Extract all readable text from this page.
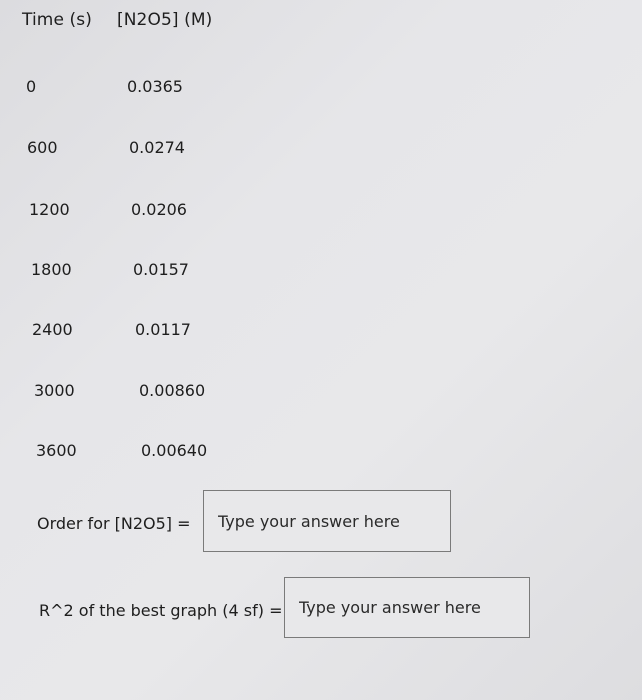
Time (s) [N2O5] (M)
0	0.0365
600	0.0274
1200	0.0206
1800	0.0157
2400	0.0117
3000	0.00860
3600	0.00640
Order for [N2O5] =
Type your answer here
R^2 of the best graph (4 sf) =
Type your answer here
